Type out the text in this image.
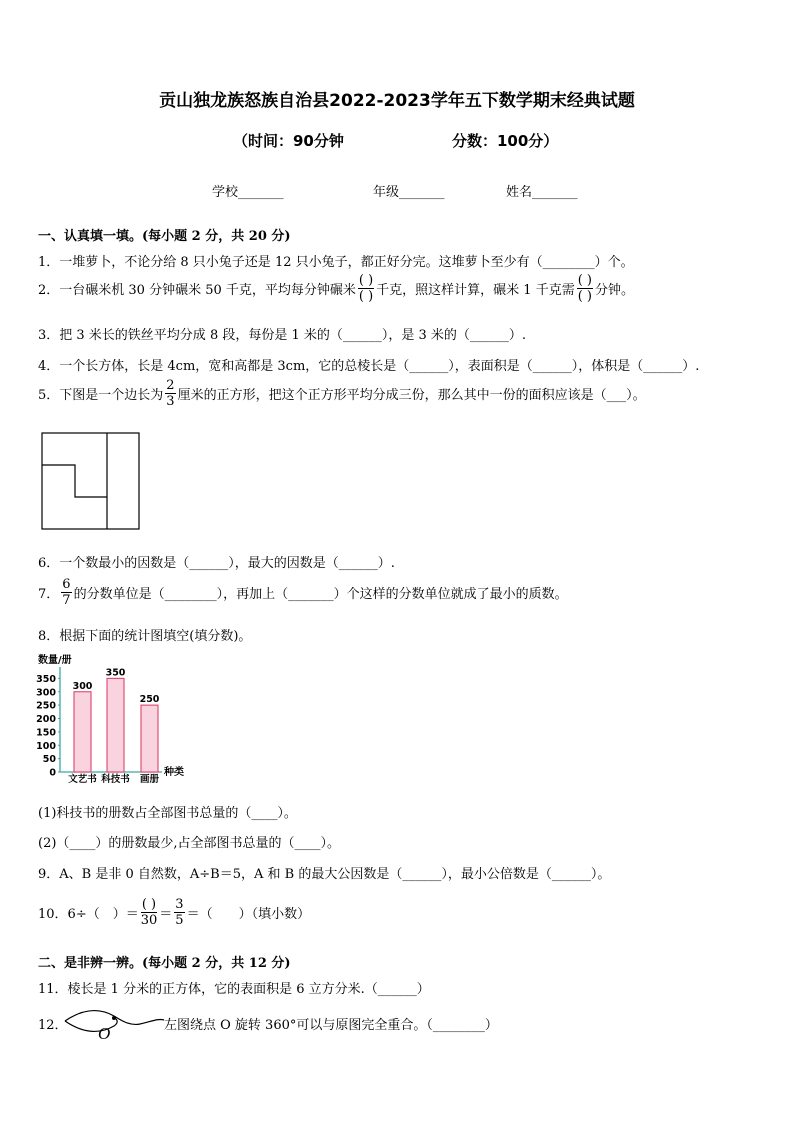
贡山独龙族怒族自治县2022-2023学年五下数学期末经典试题
（时间：90分钟	分数：100分）
学校_______	年级_______	姓名_______
一、认真填一填。(每小题 2 分，共 20 分)
1．一堆萝卜，不论分给 8 只小兔子还是 12 只小兔子，都正好分完。这堆萝卜至少有（________）个。
2．一台碾米机 30 分钟碾米 50 千克，平均每分钟碾米 $\frac{( )}{( )}$ 千克，照这样计算，碾米 1 千克需 $\frac{( )}{( )}$ 分钟。
3．把 3 米长的铁丝平均分成 8 段，每份是 1 米的（______），是 3 米的（______）.
4．一个长方体，长是 4cm，宽和高都是 3cm，它的总棱长是（______），表面积是（______），体积是（______）.
5．下图是一个边长为 $\frac{2}{3}$ 厘米的正方形，把这个正方形平均分成三份，那么其中一份的面积应该是（___）。
6．一个数最小的因数是（______），最大的因数是（______）.
7． $\frac{6}{7}$ 的分数单位是（________），再加上（_______）个这样的分数单位就成了最小的质数。
8．根据下面的统计图填空(填分数)。
数量/册
种类
0
50
100
150
200
250
300
350
300
文艺书
350
科技书
250
画册
(1)科技书的册数占全部图书总量的（____）。
(2)（____）的册数最少,占全部图书总量的（____）。
9．A、B 是非 0 自然数，A÷B＝5，A 和 B 的最大公因数是（______），最小公倍数是（______）。
10．6÷（　）＝ $\frac{( )}{30} = \frac{3}{5}$ ＝（　　）（填小数）
二、是非辨一辨。(每小题 2 分，共 12 分)
11．棱长是 1 分米的正方体，它的表面积是 6 立方分米.（______）
12． O	左图绕点 O 旋转 360°可以与原图完全重合。（________）
